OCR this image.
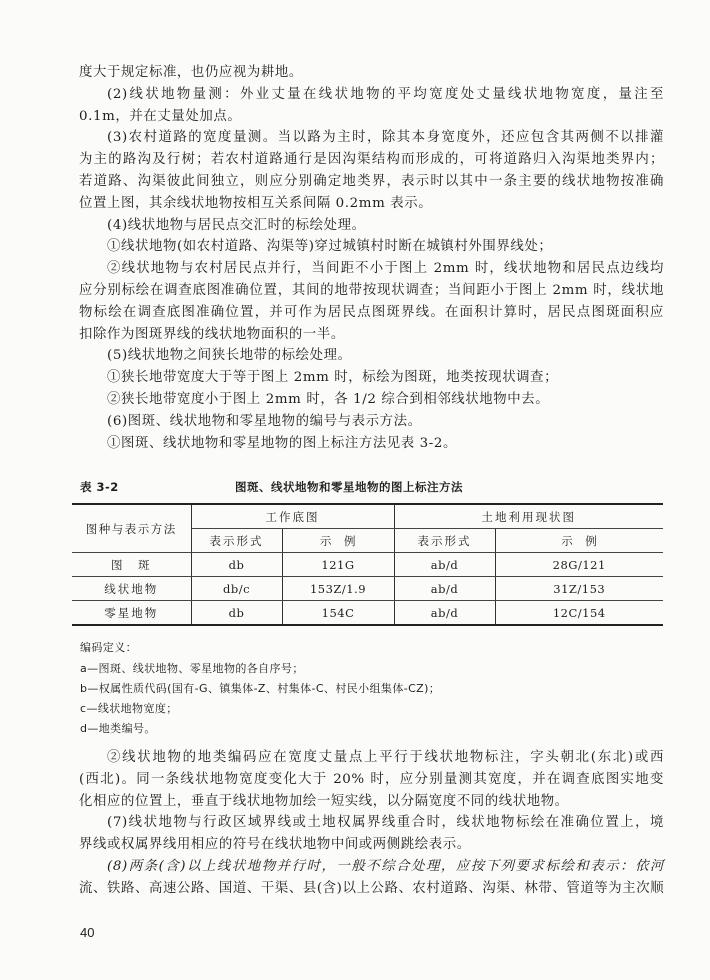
度大于规定标准，也仍应视为耕地。
(2)线状地物量测：外业丈量在线状地物的平均宽度处丈量线状地物宽度，量注至
0.1m，并在丈量处加点。
(3)农村道路的宽度量测。当以路为主时，除其本身宽度外，还应包含其两侧不以排灌
为主的路沟及行树；若农村道路通行是因沟渠结构而形成的，可将道路归入沟渠地类界内；
若道路、沟渠彼此间独立，则应分别确定地类界，表示时以其中一条主要的线状地物按准确
位置上图，其余线状地物按相互关系间隔 0.2mm 表示。
(4)线状地物与居民点交汇时的标绘处理。
①线状地物(如农村道路、沟渠等)穿过城镇村时断在城镇村外围界线处；
②线状地物与农村居民点并行，当间距不小于图上 2mm 时，线状地物和居民点边线均
应分别标绘在调查底图准确位置，其间的地带按现状调查；当间距小于图上 2mm 时，线状地
物标绘在调查底图准确位置，并可作为居民点图斑界线。在面积计算时，居民点图斑面积应
扣除作为图斑界线的线状地物面积的一半。
(5)线状地物之间狭长地带的标绘处理。
①狭长地带宽度大于等于图上 2mm 时，标绘为图斑，地类按现状调查；
②狭长地带宽度小于图上 2mm 时，各 1/2 综合到相邻线状地物中去。
(6)图斑、线状地物和零星地物的编号与表示方法。
①图斑、线状地物和零星地物的图上标注方法见表 3-2。
表 3-2	图斑、线状地物和零星地物的图上标注方法
图种与表示方法	工作底图		土地利用现状图	
	表示形式	示　例	表示形式	示　例
图　斑	db	121G	ab/d	28G/121
线状地物	db/c	153Z/1.9	ab/d	31Z/153
零星地物	db	154C	ab/d	12C/154
编码定义：
a—图斑、线状地物、零星地物的各自序号；
b—权属性质代码(国有-G、镇集体-Z、村集体-C、村民小组集体-CZ)；
c—线状地物宽度；
d—地类编号。
②线状地物的地类编码应在宽度丈量点上平行于线状地物标注，字头朝北(东北)或西
(西北)。同一条线状地物宽度变化大于 20% 时，应分别量测其宽度，并在调查底图实地变
化相应的位置上，垂直于线状地物加绘一短实线，以分隔宽度不同的线状地物。
(7)线状地物与行政区域界线或土地权属界线重合时，线状地物标绘在准确位置上，境
界线或权属界线用相应的符号在线状地物中间或两侧跳绘表示。
(8)两条(含)以上线状地物并行时，一般不综合处理，应按下列要求标绘和表示：依河
流、铁路、高速公路、国道、干渠、县(含)以上公路、农村道路、沟渠、林带、管道等为主次顺
40
